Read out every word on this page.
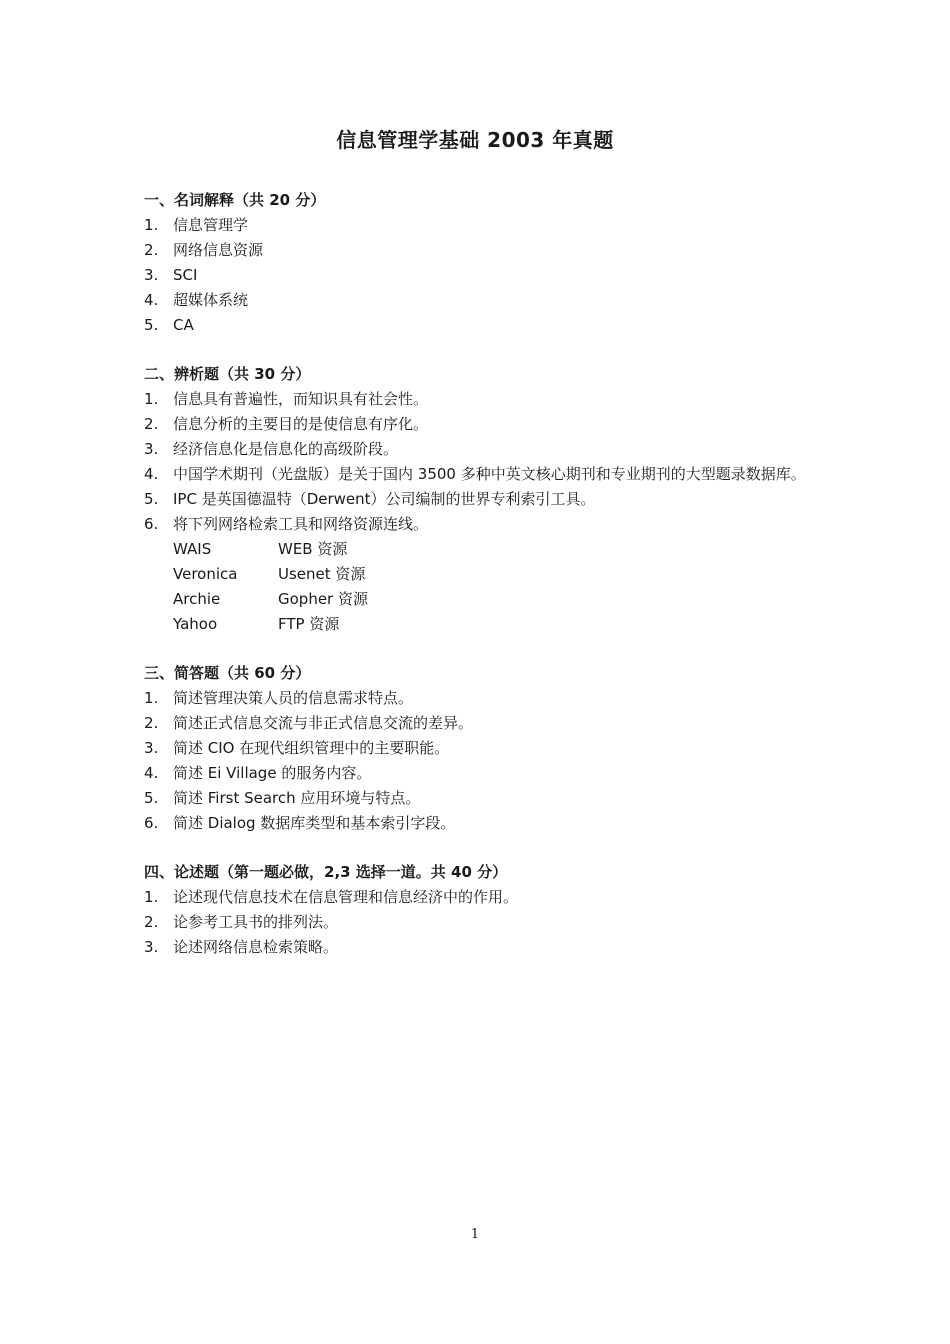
信息管理学基础 2003 年真题
一、名词解释（共 20 分）
1. 信息管理学
2. 网络信息资源
3. SCI
4. 超媒体系统
5. CA
二、辨析题（共 30 分）
1. 信息具有普遍性，而知识具有社会性。
2. 信息分析的主要目的是使信息有序化。
3. 经济信息化是信息化的高级阶段。
4. 中国学术期刊（光盘版）是关于国内 3500 多种中英文核心期刊和专业期刊的大型题录数据库。
5. IPC 是英国德温特（Derwent）公司编制的世界专利索引工具。
6. 将下列网络检索工具和网络资源连线。
WAIS	WEB 资源
Veronica	Usenet 资源
Archie	Gopher 资源
Yahoo	FTP 资源
三、简答题（共 60 分）
1. 简述管理决策人员的信息需求特点。
2. 简述正式信息交流与非正式信息交流的差异。
3. 简述 CIO 在现代组织管理中的主要职能。
4. 简述 Ei Village 的服务内容。
5. 简述 First Search 应用环境与特点。
6. 简述 Dialog 数据库类型和基本索引字段。
四、论述题（第一题必做，2,3 选择一道。共 40 分）
1. 论述现代信息技术在信息管理和信息经济中的作用。
2. 论参考工具书的排列法。
3. 论述网络信息检索策略。
1
